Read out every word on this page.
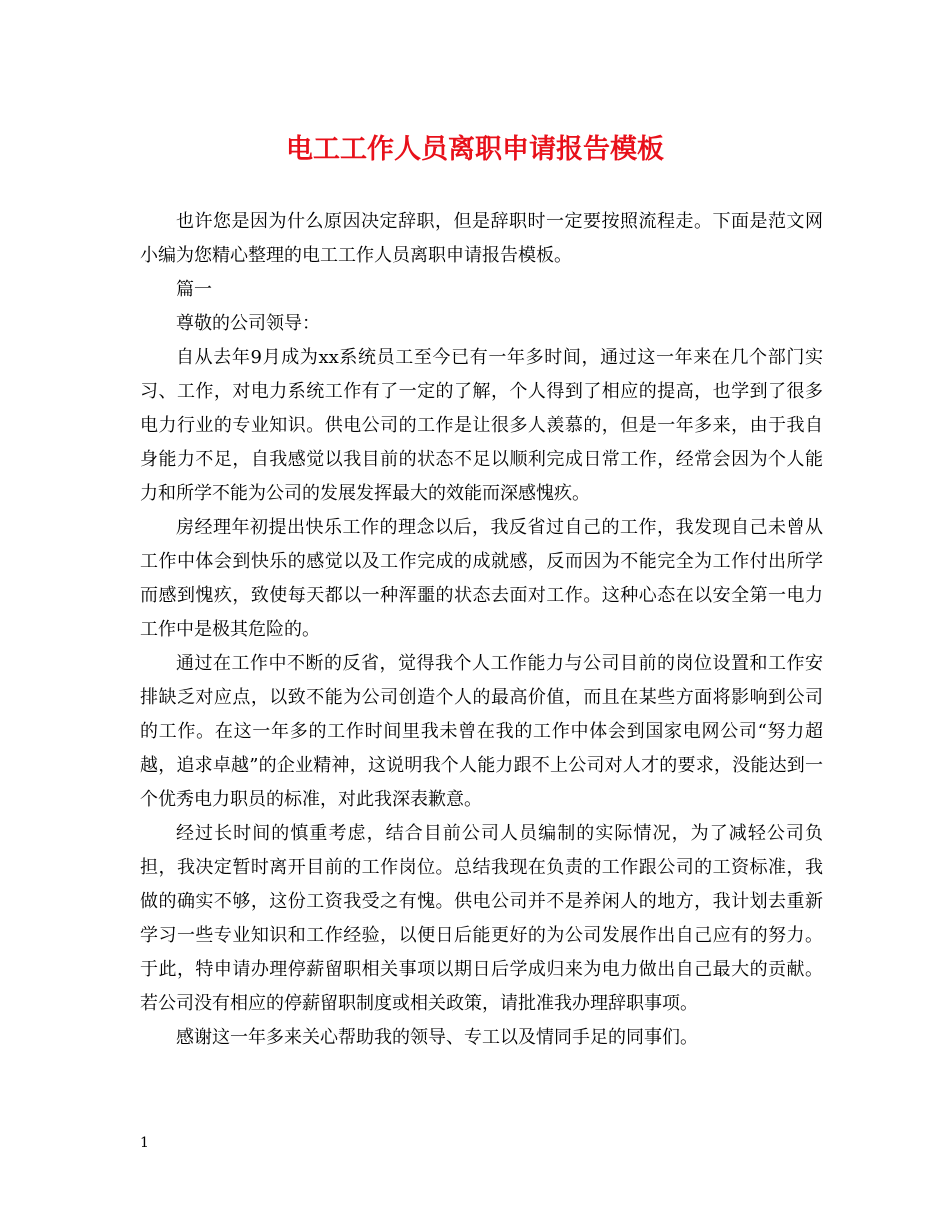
电工工作人员离职申请报告模板

也许您是因为什么原因决定辞职，但是辞职时一定要按照流程走。下面是范文网小编为您精心整理的电工工作人员离职申请报告模板。

篇一

尊敬的公司领导：

自从去年9月成为xx系统员工至今已有一年多时间，通过这一年来在几个部门实习、工作，对电力系统工作有了一定的了解，个人得到了相应的提高，也学到了很多电力行业的专业知识。供电公司的工作是让很多人羡慕的，但是一年多来，由于我自身能力不足，自我感觉以我目前的状态不足以顺利完成日常工作，经常会因为个人能力和所学不能为公司的发展发挥最大的效能而深感愧疚。

房经理年初提出快乐工作的理念以后，我反省过自己的工作，我发现自己未曾从工作中体会到快乐的感觉以及工作完成的成就感，反而因为不能完全为工作付出所学而感到愧疚，致使每天都以一种浑噩的状态去面对工作。这种心态在以安全第一电力工作中是极其危险的。

通过在工作中不断的反省，觉得我个人工作能力与公司目前的岗位设置和工作安排缺乏对应点，以致不能为公司创造个人的最高价值，而且在某些方面将影响到公司的工作。在这一年多的工作时间里我未曾在我的工作中体会到国家电网公司“努力超越，追求卓越”的企业精神，这说明我个人能力跟不上公司对人才的要求，没能达到一个优秀电力职员的标准，对此我深表歉意。

经过长时间的慎重考虑，结合目前公司人员编制的实际情况，为了减轻公司负担，我决定暂时离开目前的工作岗位。总结我现在负责的工作跟公司的工资标准，我做的确实不够，这份工资我受之有愧。供电公司并不是养闲人的地方，我计划去重新学习一些专业知识和工作经验，以便日后能更好的为公司发展作出自己应有的努力。于此，特申请办理停薪留职相关事项以期日后学成归来为电力做出自己最大的贡献。若公司没有相应的停薪留职制度或相关政策，请批准我办理辞职事项。

感谢这一年多来关心帮助我的领导、专工以及情同手足的同事们。

1
